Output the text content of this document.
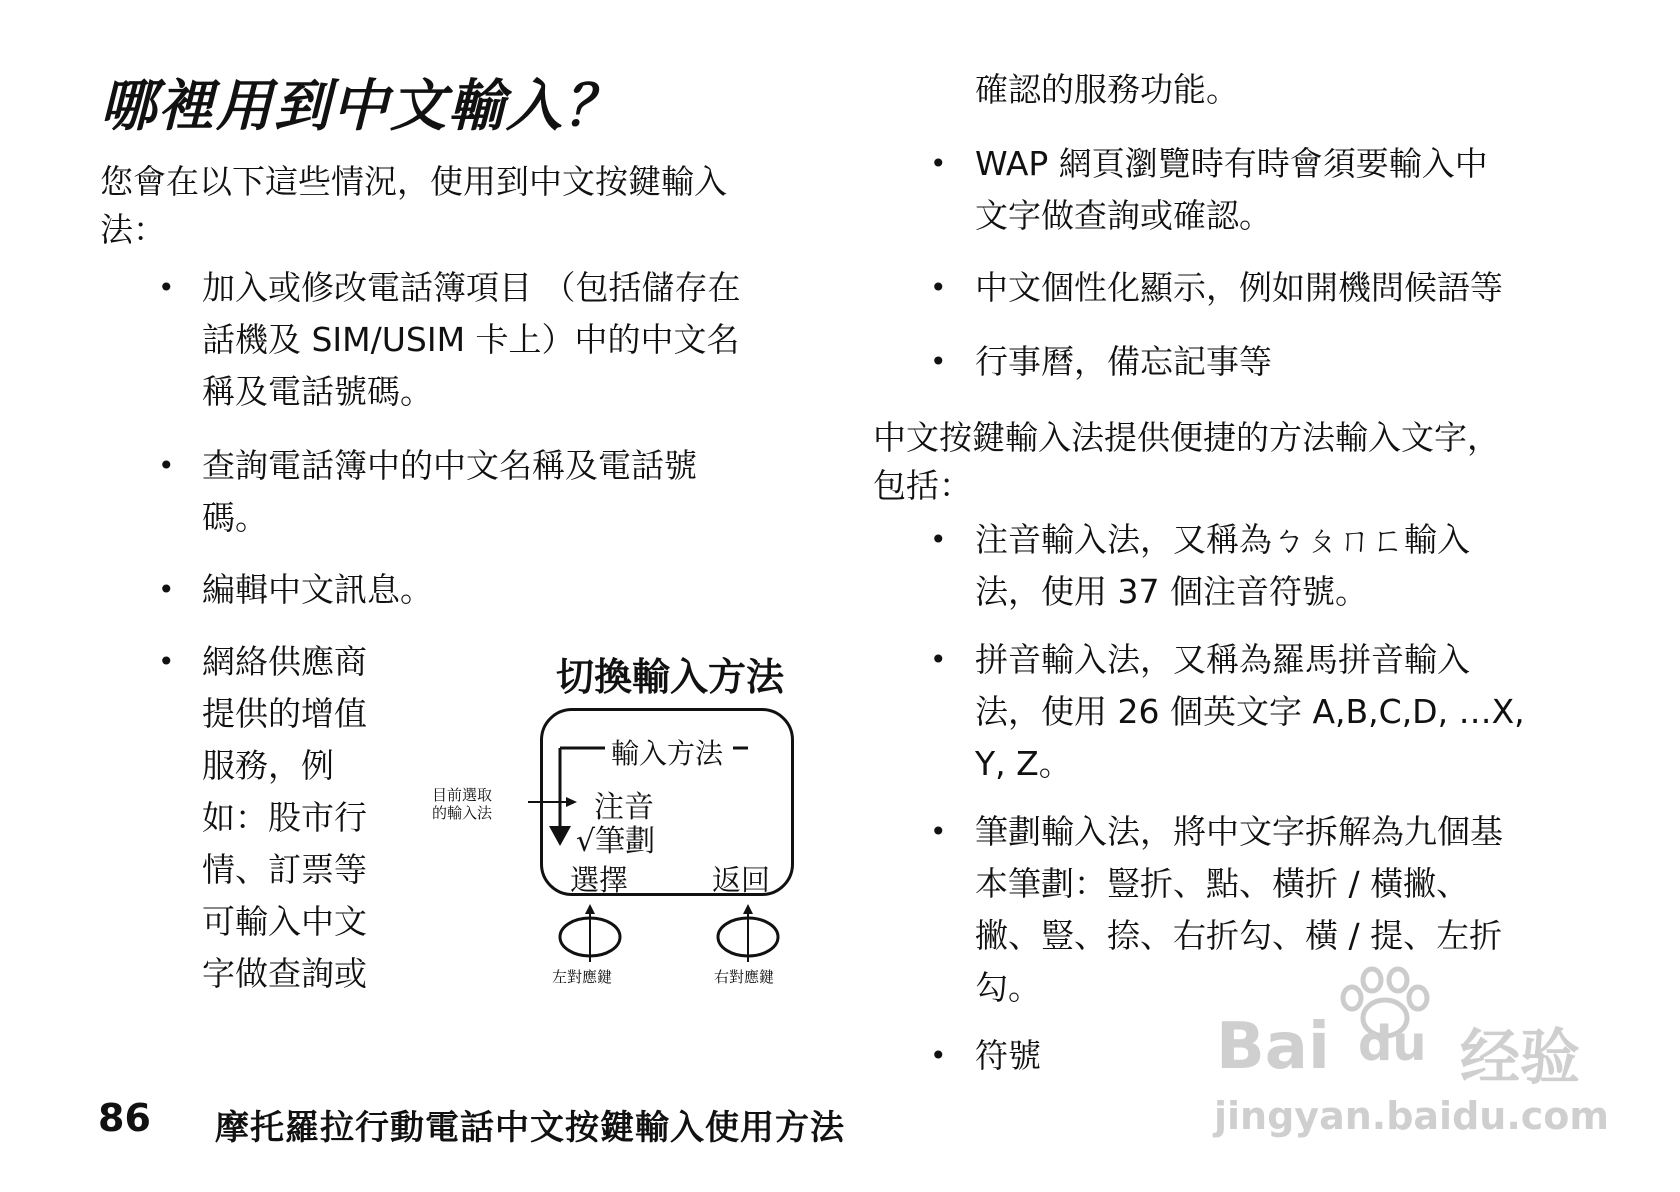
哪裡用到中文輸入？
您會在以下這些情況，使用到中文按鍵輸入
法：
• 加入或修改電話簿項目 （包括儲存在
話機及 SIM/USIM 卡上）中的中文名
稱及電話號碼。
• 查詢電話簿中的中文名稱及電話號
碼。
• 編輯中文訊息。
• 網絡供應商
提供的增值
服務，例
如：股市行
情、訂票等
可輸入中文
字做查詢或
切換輸入方法
輸入方法
注音
√筆劃
選擇	返回
目前選取
的輸入法
左對應鍵	右對應鍵
確認的服務功能。
• WAP 網頁瀏覽時有時會須要輸入中
文字做查詢或確認。
• 中文個性化顯示，例如開機問候語等
• 行事曆，備忘記事等
中文按鍵輸入法提供便捷的方法輸入文字，
包括：
• 注音輸入法，又稱為ㄅㄆㄇㄈ輸入
法，使用 37 個注音符號。
• 拼音輸入法，又稱為羅馬拼音輸入
法，使用 26 個英文字 A,B,C,D, …X,
Y, Z。
• 筆劃輸入法，將中文字拆解為九個基
本筆劃：豎折、點、橫折 / 橫撇、
撇、豎、捺、右折勾、橫 / 提、左折
勾。
• 符號
86 摩托羅拉行動電話中文按鍵輸入使用方法
Bai du 经验
jingyan.baidu.com
